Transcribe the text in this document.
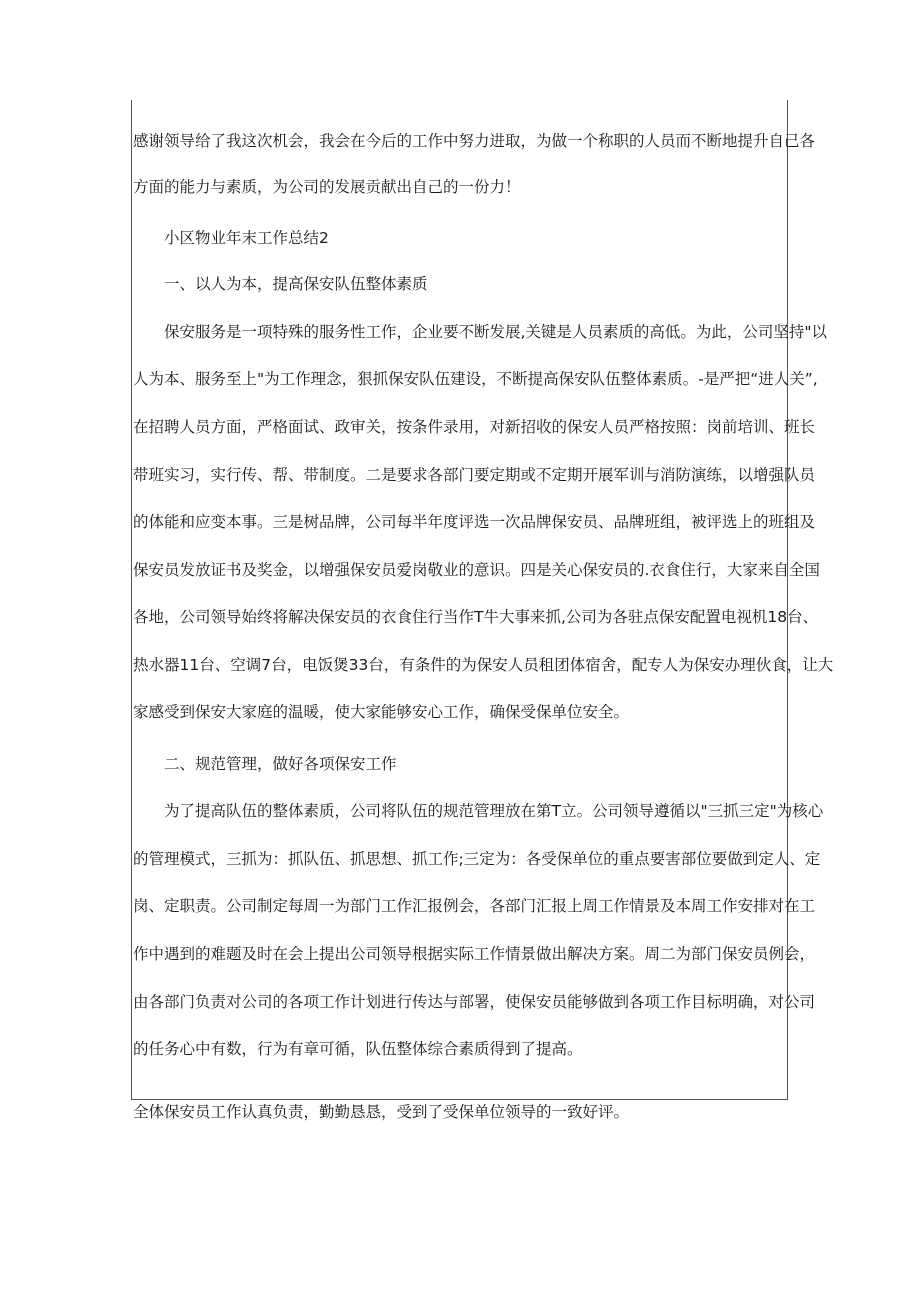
感谢领导给了我这次机会，我会在今后的工作中努力进取，为做一个称职的人员而不断地提升自己各

方面的能力与素质，为公司的发展贡献出自己的一份力！

小区物业年末工作总结2

一、以人为本，提高保安队伍整体素质

保安服务是一项特殊的服务性工作，企业要不断发展,关键是人员素质的高低。为此，公司坚持"以

人为本、服务至上"为工作理念，狠抓保安队伍建设，不断提高保安队伍整体素质。-是严把“进人关”,

在招聘人员方面，严格面试、政审关，按条件录用，对新招收的保安人员严格按照：岗前培训、班长

带班实习，实行传、帮、带制度。二是要求各部门要定期或不定期开展军训与消防演练，以增强队员

的体能和应变本事。三是树品牌，公司每半年度评选一次品牌保安员、品牌班组，被评选上的班组及

保安员发放证书及奖金，以增强保安员爱岗敬业的意识。四是关心保安员的.衣食住行，大家来自全国

各地，公司领导始终将解决保安员的衣食住行当作T牛大事来抓,公司为各驻点保安配置电视机18台、

热水器11台、空调7台，电饭煲33台，有条件的为保安人员租团体宿舍，配专人为保安办理伙食，让大

家感受到保安大家庭的温暖，使大家能够安心工作，确保受保单位安全。

二、规范管理，做好各项保安工作

为了提高队伍的整体素质，公司将队伍的规范管理放在第T立。公司领导遵循以"三抓三定"为核心

的管理模式，三抓为：抓队伍、抓思想、抓工作;三定为：各受保单位的重点要害部位要做到定人、定

岗、定职责。公司制定每周一为部门工作汇报例会，各部门汇报上周工作情景及本周工作安排对在工

作中遇到的难题及时在会上提出公司领导根据实际工作情景做出解决方案。周二为部门保安员例会，

由各部门负责对公司的各项工作计划进行传达与部署，使保安员能够做到各项工作目标明确，对公司

的任务心中有数，行为有章可循，队伍整体综合素质得到了提高。

全体保安员工作认真负责，勤勤恳恳，受到了受保单位领导的一致好评。
